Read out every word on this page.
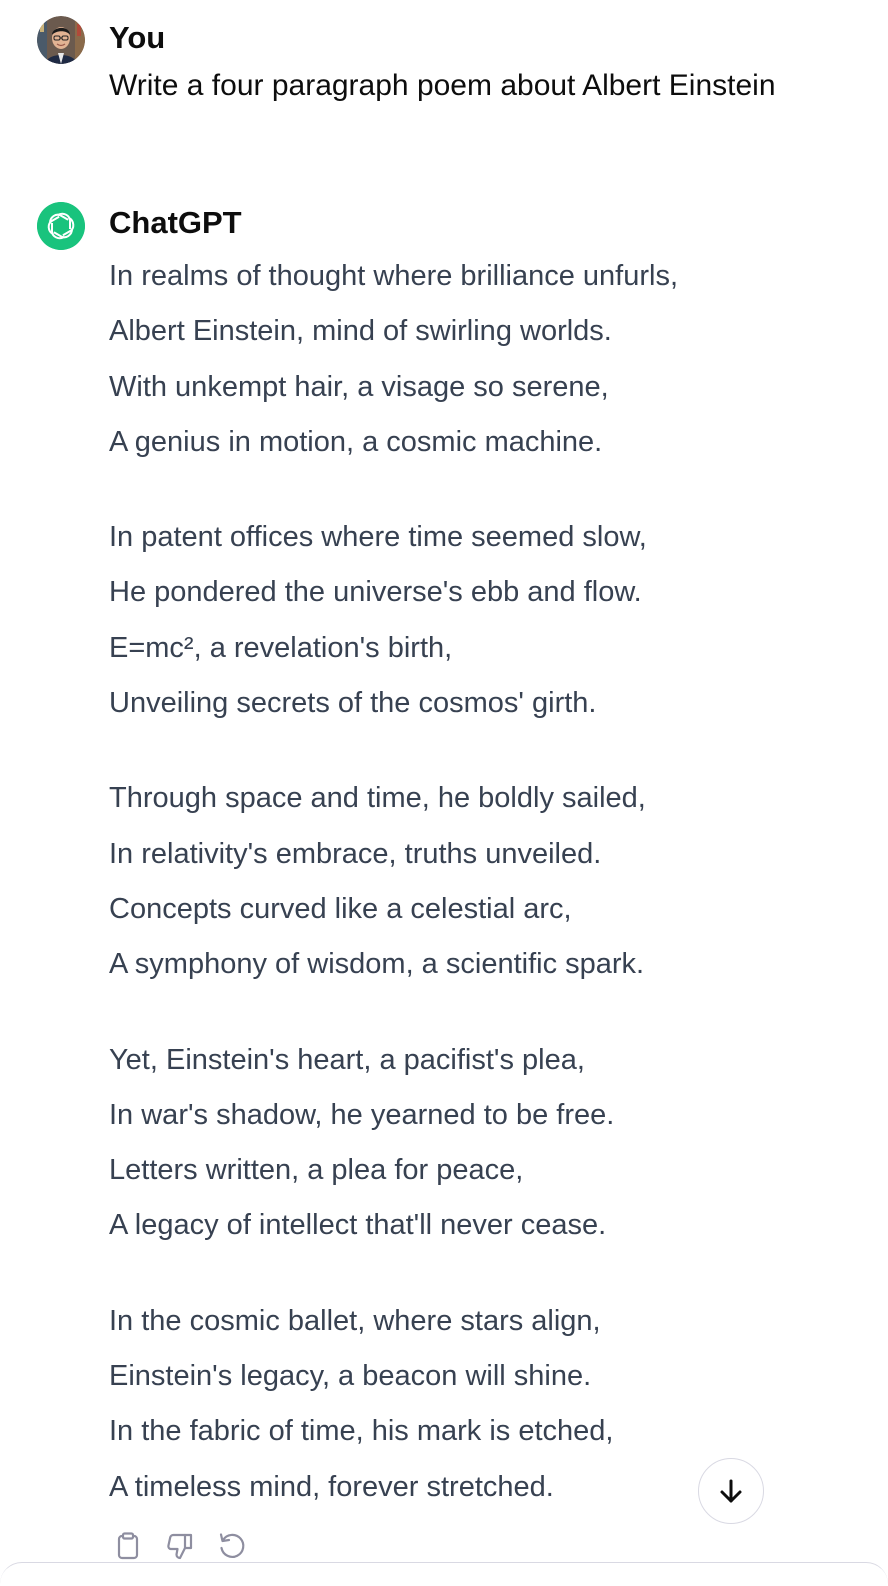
You
Write a four paragraph poem about Albert Einstein
ChatGPT
In realms of thought where brilliance unfurls,
Albert Einstein, mind of swirling worlds.
With unkempt hair, a visage so serene,
A genius in motion, a cosmic machine.
In patent offices where time seemed slow,
He pondered the universe's ebb and flow.
E=mc², a revelation's birth,
Unveiling secrets of the cosmos' girth.
Through space and time, he boldly sailed,
In relativity's embrace, truths unveiled.
Concepts curved like a celestial arc,
A symphony of wisdom, a scientific spark.
Yet, Einstein's heart, a pacifist's plea,
In war's shadow, he yearned to be free.
Letters written, a plea for peace,
A legacy of intellect that'll never cease.
In the cosmic ballet, where stars align,
Einstein's legacy, a beacon will shine.
In the fabric of time, his mark is etched,
A timeless mind, forever stretched.
